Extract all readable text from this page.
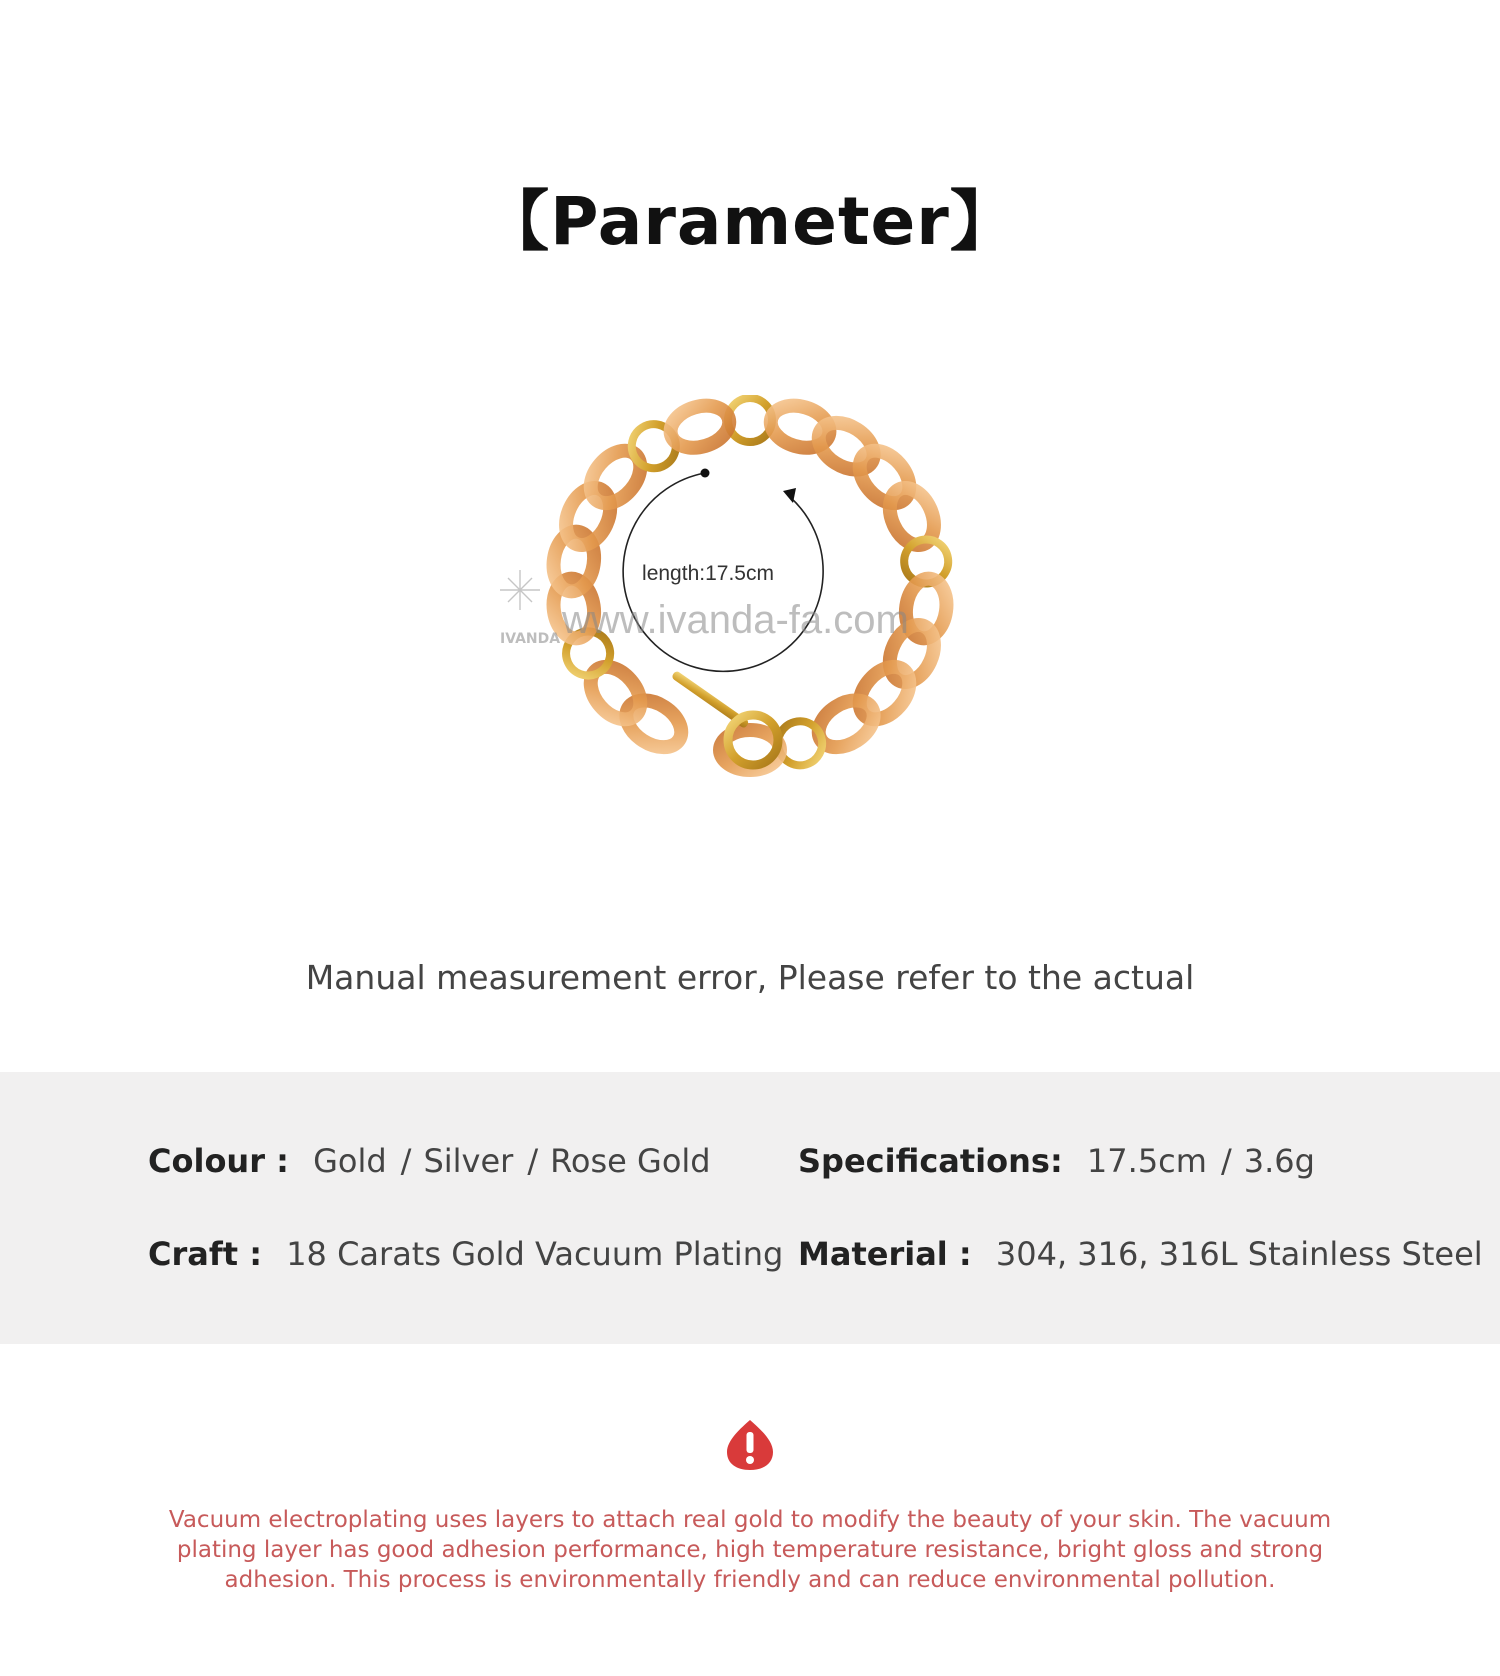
【Parameter】
length:17.5cm
www.ivanda-fa.com
IVANDA
Manual measurement error, Please refer to the actual
Colour : Gold / Silver / Rose Gold	Specifications: 17.5cm / 3.6g
Craft : 18 Carats Gold Vacuum Plating Material : 304, 316, 316L Stainless Steel
Vacuum electroplating uses layers to attach real gold to modify the beauty of your skin. The vacuum plating layer has good adhesion performance, high temperature resistance, bright gloss and strong adhesion. This process is environmentally friendly and can reduce environmental pollution.
